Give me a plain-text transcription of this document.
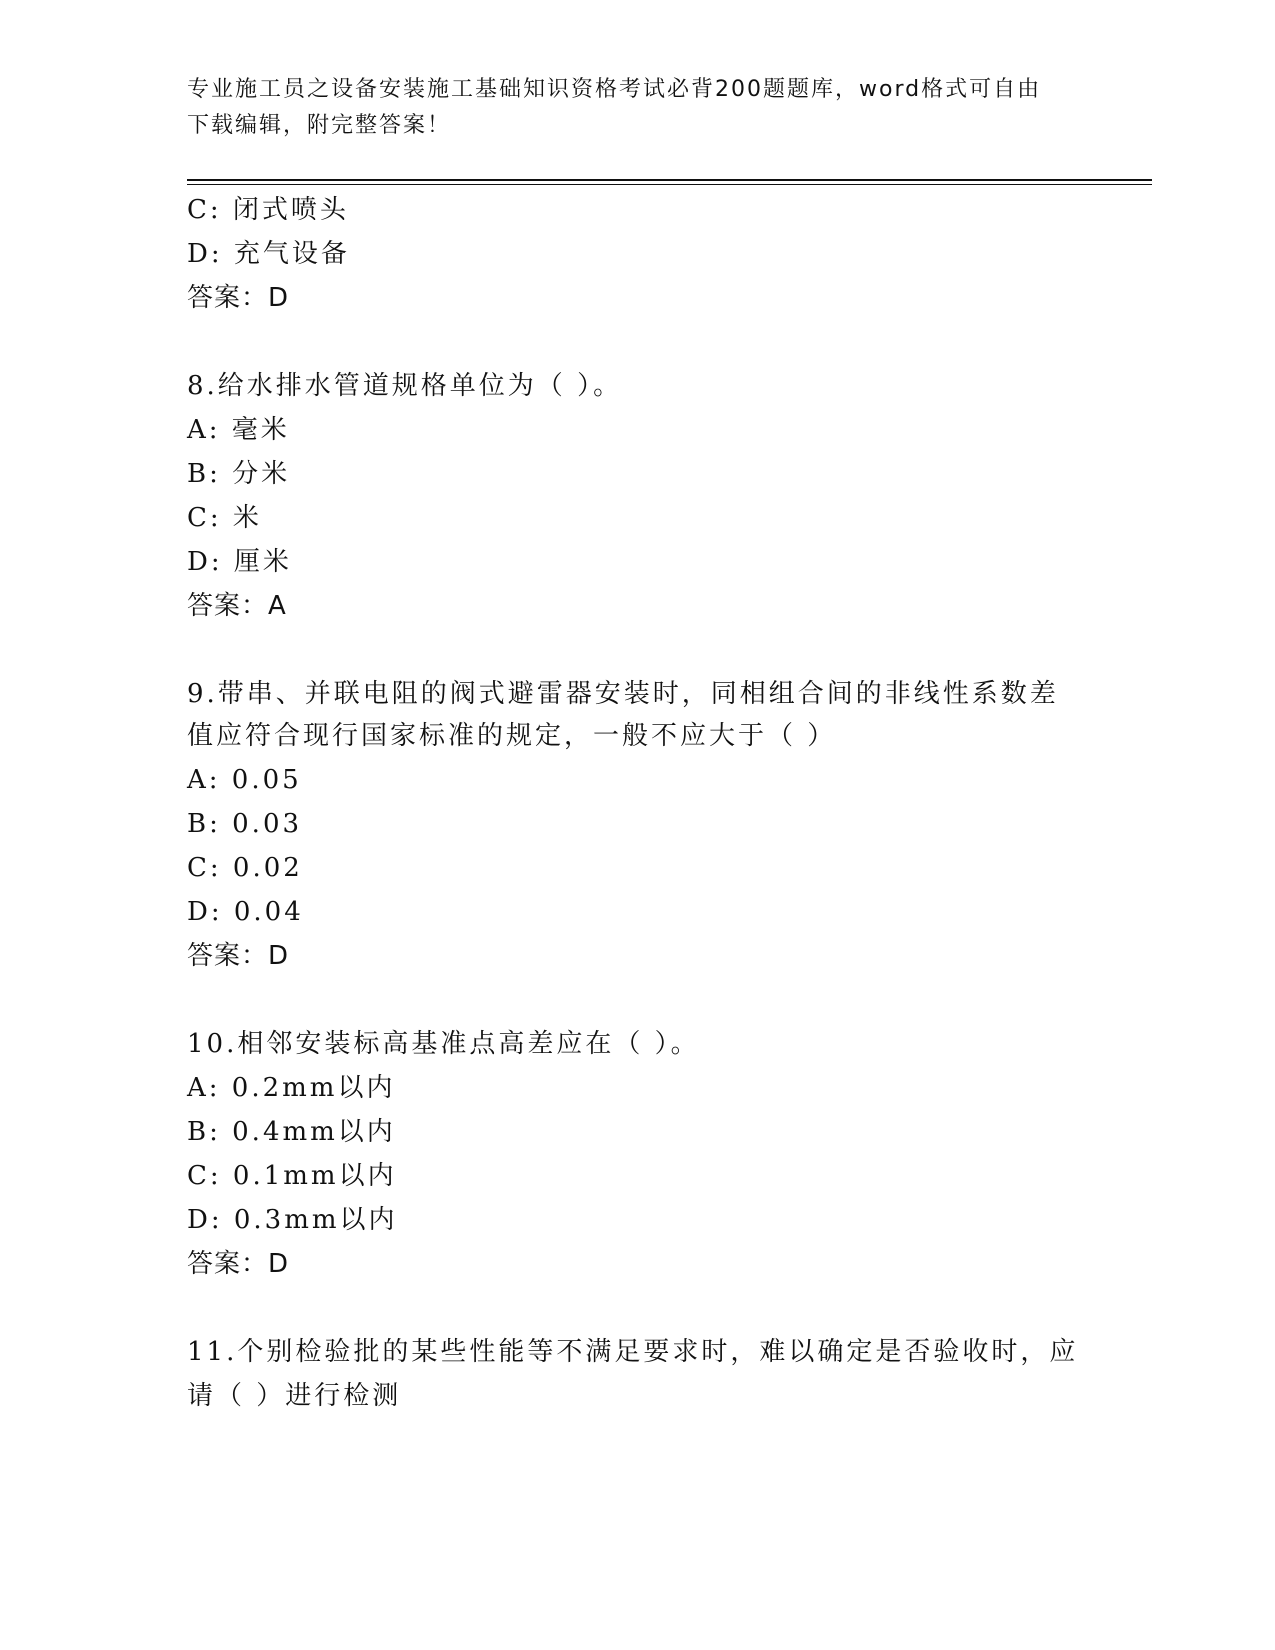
专业施工员之设备安装施工基础知识资格考试必背200题题库，word格式可自由
下载编辑，附完整答案！
C: 闭式喷头
D: 充气设备
答案：D
8.给水排水管道规格单位为（ ）。
A: 毫米
B: 分米
C: 米
D: 厘米
答案：A
9.带串、并联电阻的阀式避雷器安装时，同相组合间的非线性系数差
值应符合现行国家标准的规定，一般不应大于（ ）
A: 0.05
B: 0.03
C: 0.02
D: 0.04
答案：D
10.相邻安装标高基准点高差应在（ ）。
A: 0.2mm以内
B: 0.4mm以内
C: 0.1mm以内
D: 0.3mm以内
答案：D
11.个别检验批的某些性能等不满足要求时，难以确定是否验收时，应
请（ ）进行检测
